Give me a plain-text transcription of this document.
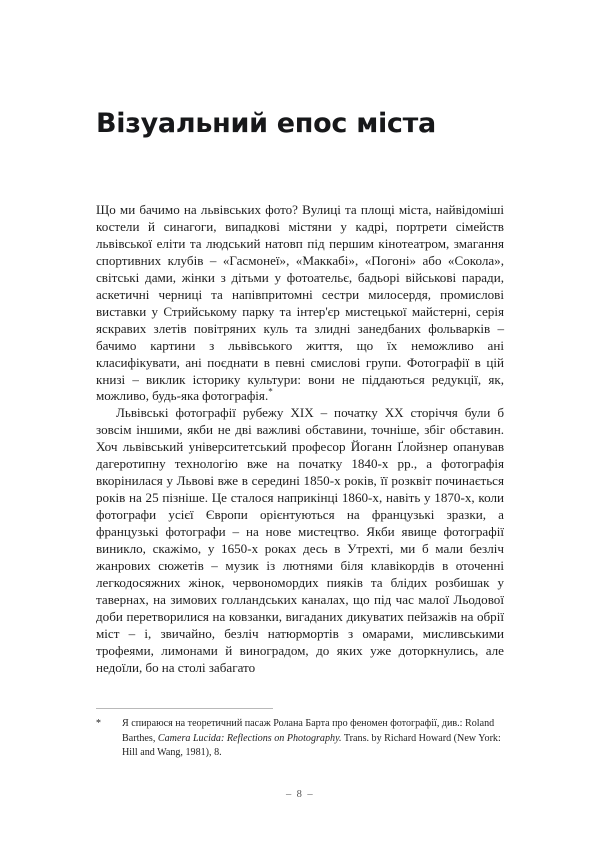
Візуальний епос міста

Що ми бачимо на львівських фото? Вулиці та площі міста, найвідоміші костели й синагоги, випадкові містяни у кадрі, портрети сімейств львівської еліти та людський натовп під першим кінотеатром, змагання спортивних клубів – «Гасмонеї», «Маккабі», «Погоні» або «Сокола», світські дами, жінки з дітьми у фотоательє, бадьорі військові паради, аскетичні черниці та напівпритомні сестри милосердя, промислові виставки у Стрийському парку та інтер'єр мистецької майстерні, серія яскравих злетів повітряних куль та злидні занедбаних фольварків – бачимо картини з львівського життя, що їх неможливо ані класифікувати, ані поєднати в певні смислові групи. Фотографії в цій книзі – виклик історику культури: вони не піддаються редукції, як, можливо, будь-яка фотографія.*

Львівські фотографії рубежу XIX – початку XX сторіччя були б зовсім іншими, якби не дві важливі обставини, точніше, збіг обставин. Хоч львівський університетський професор Йоганн Ґлойзнер опанував дагеротипну технологію вже на початку 1840-х рр., а фотографія вкорінилася у Львові вже в середині 1850-х років, її розквіт починається років на 25 пізніше. Це сталося наприкінці 1860-х, навіть у 1870-х, коли фотографи усієї Європи орієнтуються на французькі зразки, а французькі фотографи – на нове мистецтво. Якби явище фотографії виникло, скажімо, у 1650-х роках десь в Утрехті, ми б мали безліч жанрових сюжетів – музик із лютнями біля клавікордів в оточенні легкодосяжних жінок, червономордих пияків та блідих розбишак у тавернах, на зимових голландських каналах, що під час малої Льодової доби перетворилися на ковзанки, вигаданих дикуватих пейзажів на обрії міст – і, звичайно, безліч натюрмортів з омарами, мисливськими трофеями, лимонами й виноградом, до яких уже доторкнулись, але недоїли, бо на столі забагато

*	Я спираюся на теоретичний пасаж Ролана Барта про феномен фотографії, див.: Roland Barthes, Camera Lucida: Reflections on Photography. Trans. by Richard Howard (New York: Hill and Wang, 1981), 8.
– 8 –
